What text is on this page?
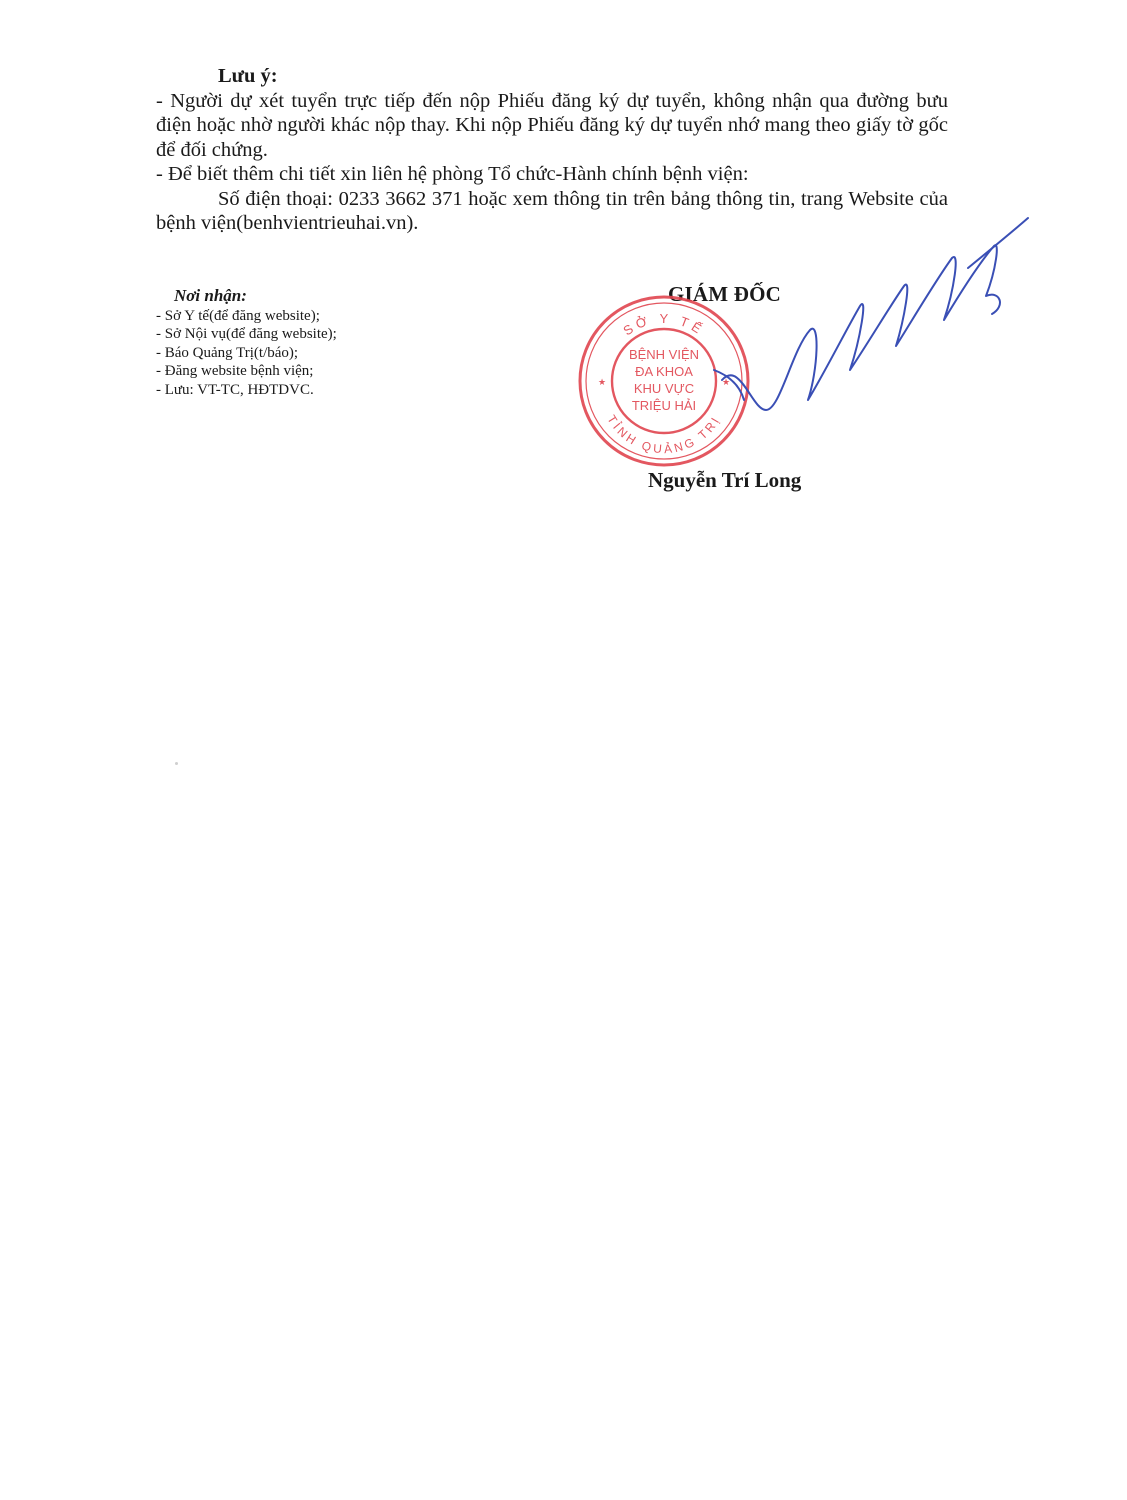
Lưu ý:

- Người dự xét tuyển trực tiếp đến nộp Phiếu đăng ký dự tuyển, không nhận qua đường bưu điện hoặc nhờ người khác nộp thay. Khi nộp Phiếu đăng ký dự tuyển nhớ mang theo giấy tờ gốc để đối chứng.

- Để biết thêm chi tiết xin liên hệ phòng Tổ chức-Hành chính bệnh viện:

Số điện thoại: 0233 3662 371 hoặc xem thông tin trên bảng thông tin, trang Website của bệnh viện(benhvientrieuhai.vn).

Nơi nhận:

- Sở Y tế(để đăng website);
- Sở Nội vụ(để đăng website);
- Báo Quảng Trị(t/báo);
- Đăng website bệnh viện;
- Lưu: VT-TC, HĐTDVC.
GIÁM ĐỐC
SỞ Y TẾ
TỈNH QUẢNG TRỊ
★	★
BỆNH VIỆN
ĐA KHOA
KHU VỰC
TRIỆU HẢI
Nguyễn Trí Long
